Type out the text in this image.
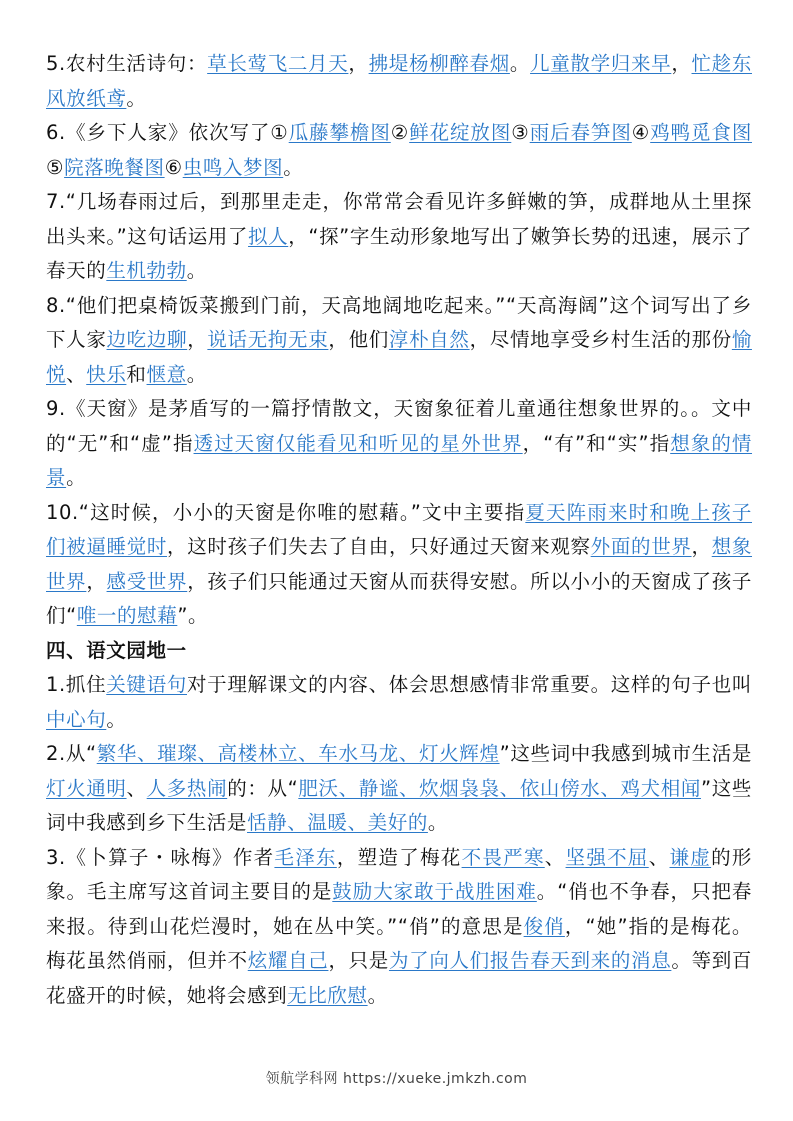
5.农村生活诗句：草长莺飞二月天，拂堤杨柳醉春烟。儿童散学归来早，忙趁东风放纸鸢。

6.《乡下人家》依次写了①瓜藤攀檐图②鲜花绽放图③雨后春笋图④鸡鸭觅食图⑤院落晚餐图⑥虫鸣入梦图。

7.“几场春雨过后，到那里走走，你常常会看见许多鲜嫩的笋，成群地从土里探出头来。”这句话运用了拟人，“探”字生动形象地写出了嫩笋长势的迅速，展示了春天的生机勃勃。

8.“他们把桌椅饭菜搬到门前，天高地阔地吃起来。”“天高海阔”这个词写出了乡下人家边吃边聊，说话无拘无束，他们淳朴自然，尽情地享受乡村生活的那份愉悦、快乐和惬意。

9.《天窗》是茅盾写的一篇抒情散文，天窗象征着儿童通往想象世界的。。文中的“无”和“虚”指透过天窗仅能看见和听见的星外世界，“有”和“实”指想象的情景。

10.“这时候，小小的天窗是你唯的慰藉。”文中主要指夏天阵雨来时和晚上孩子们被逼睡觉时，这时孩子们失去了自由，只好通过天窗来观察外面的世界，想象世界，感受世界，孩子们只能通过天窗从而获得安慰。所以小小的天窗成了孩子们“唯一的慰藉”。

四、语文园地一

1.抓住关键语句对于理解课文的内容、体会思想感情非常重要。这样的句子也叫中心句。

2.从“繁华、璀璨、高楼林立、车水马龙、灯火辉煌”这些词中我感到城市生活是灯火通明、人多热闹的：从“肥沃、静谧、炊烟袅袅、依山傍水、鸡犬相闻”这些词中我感到乡下生活是恬静、温暖、美好的。

3.《卜算子・咏梅》作者毛泽东，塑造了梅花不畏严寒、坚强不屈、谦虚的形象。毛主席写这首词主要目的是鼓励大家敢于战胜困难。“俏也不争春，只把春来报。待到山花烂漫时，她在丛中笑。”“俏”的意思是俊俏，“她”指的是梅花。梅花虽然俏丽，但并不炫耀自己，只是为了向人们报告春天到来的消息。等到百花盛开的时候，她将会感到无比欣慰。

领航学科网 https://xueke.jmkzh.com
